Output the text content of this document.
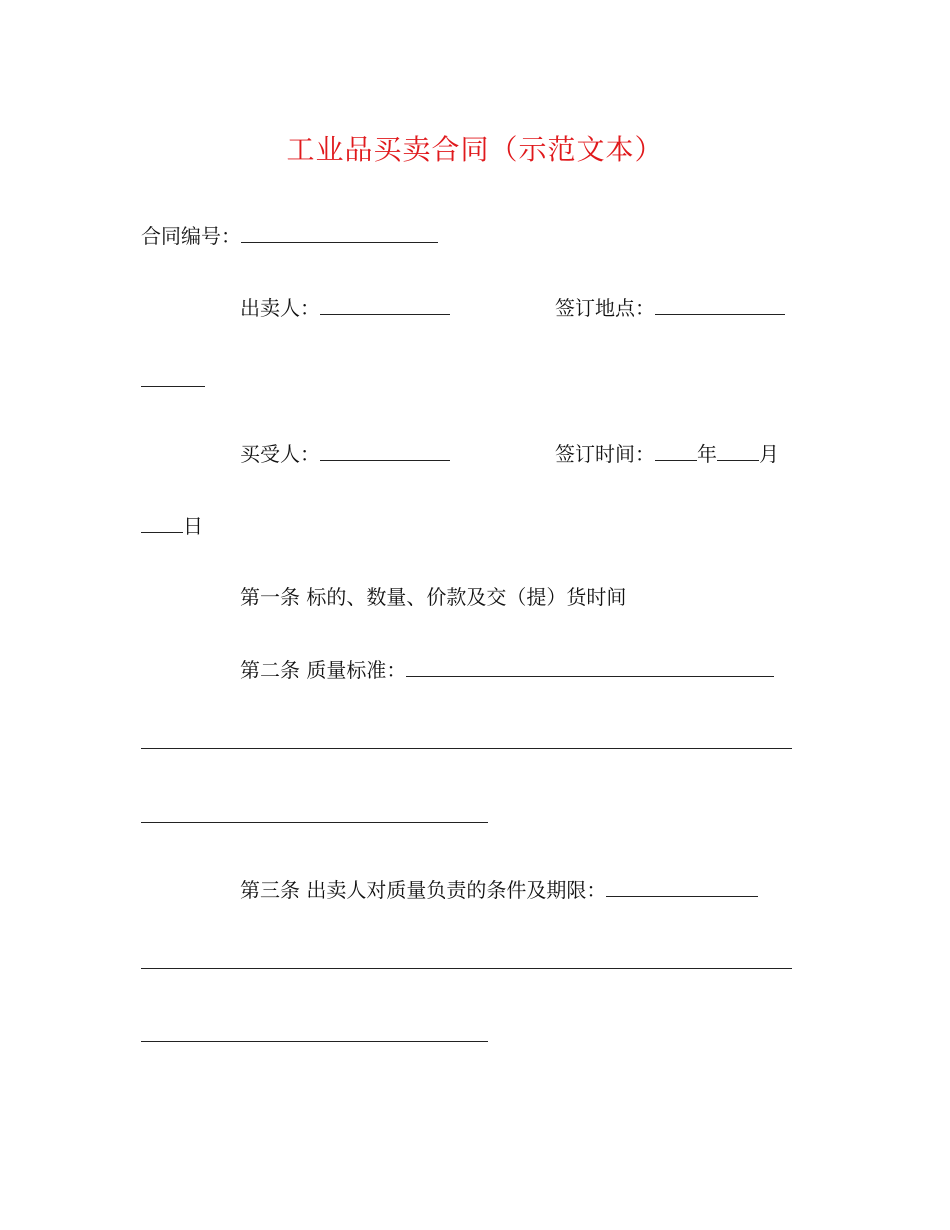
工业品买卖合同（示范文本）
合同编号：
出卖人：	签订地点：
买受人：	签订时间： 年 月
日
第一条 标的、数量、价款及交（提）货时间
第二条 质量标准：
第三条 出卖人对质量负责的条件及期限：
